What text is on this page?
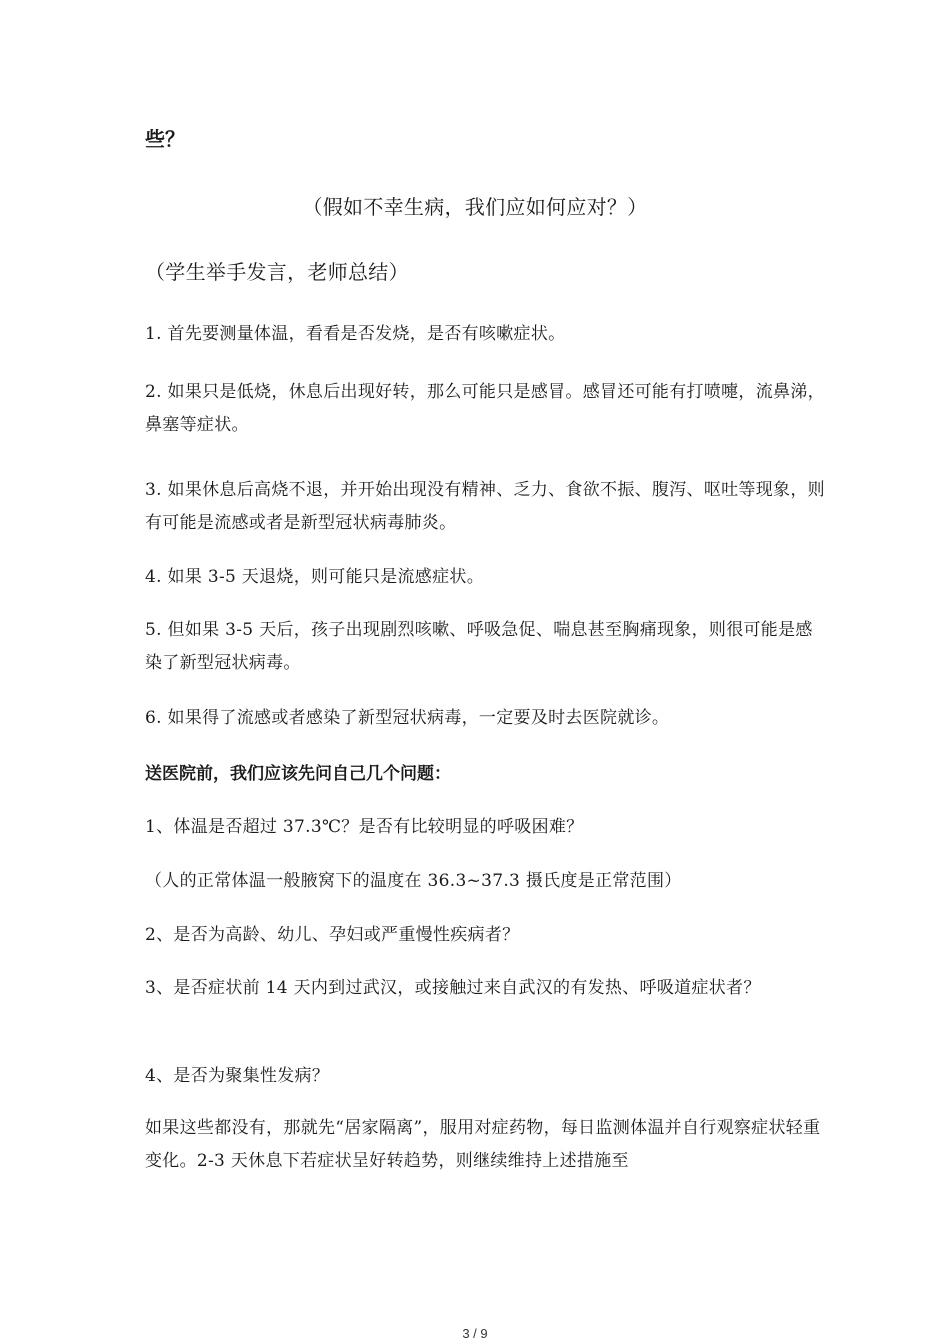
些？

（假如不幸生病，我们应如何应对？）

（学生举手发言，老师总结）

1. 首先要测量体温，看看是否发烧，是否有咳嗽症状。

2. 如果只是低烧，休息后出现好转，那么可能只是感冒。感冒还可能有打喷嚏，流鼻涕，鼻塞等症状。

3. 如果休息后高烧不退，并开始出现没有精神、乏力、食欲不振、腹泻、呕吐等现象，则有可能是流感或者是新型冠状病毒肺炎。

4. 如果 3-5 天退烧，则可能只是流感症状。

5. 但如果 3-5 天后，孩子出现剧烈咳嗽、呼吸急促、喘息甚至胸痛现象，则很可能是感染了新型冠状病毒。

6. 如果得了流感或者感染了新型冠状病毒，一定要及时去医院就诊。

送医院前，我们应该先问自己几个问题：

1、体温是否超过 37.3℃？是否有比较明显的呼吸困难？

（人的正常体温一般腋窝下的温度在 36.3~37.3 摄氏度是正常范围）

2、是否为高龄、幼儿、孕妇或严重慢性疾病者？

3、是否症状前 14 天内到过武汉，或接触过来自武汉的有发热、呼吸道症状者？

4、是否为聚集性发病？

如果这些都没有，那就先“居家隔离”，服用对症药物，每日监测体温并自行观察症状轻重变化。2-3 天休息下若症状呈好转趋势，则继续维持上述措施至

3 / 9
